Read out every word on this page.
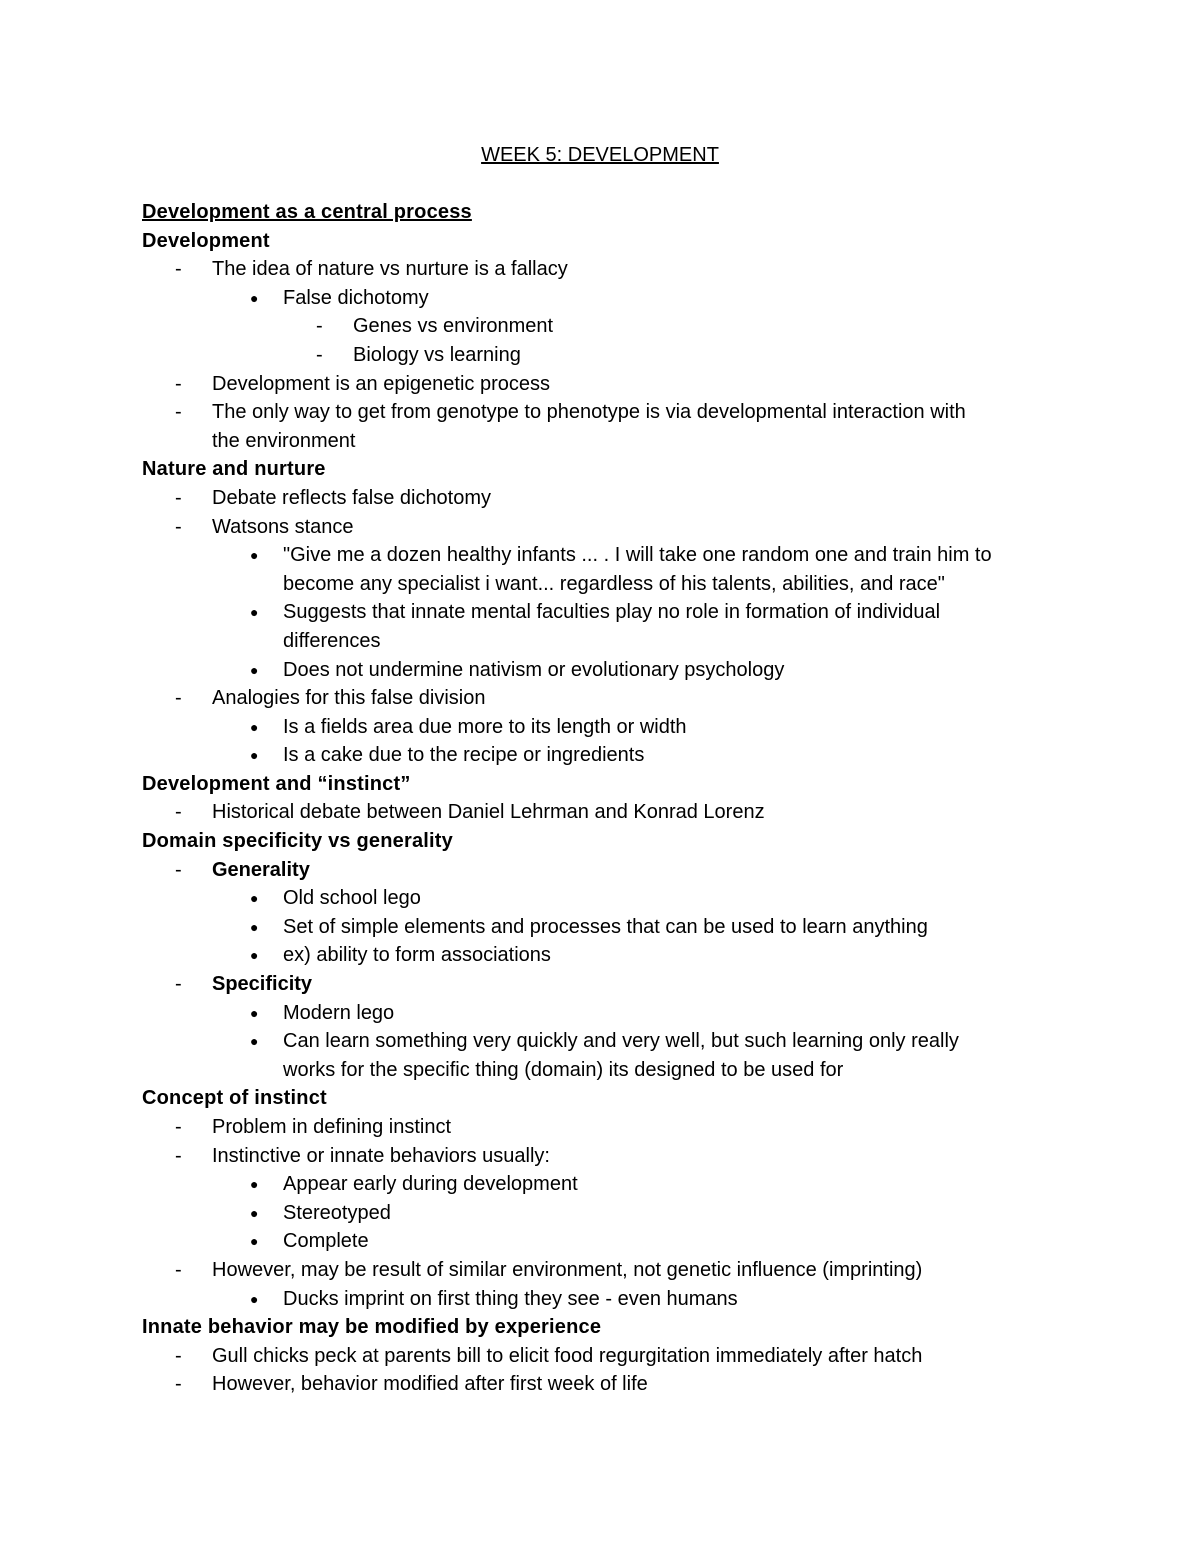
WEEK 5: DEVELOPMENT
Development as a central process
Development
- The idea of nature vs nurture is a fallacy
● False dichotomy
- Genes vs environment
- Biology vs learning
- Development is an epigenetic process
- The only way to get from genotype to phenotype is via developmental interaction with
the environment
Nature and nurture
- Debate reflects false dichotomy
- Watsons stance
● "Give me a dozen healthy infants ... . I will take one random one and train him to
become any specialist i want... regardless of his talents, abilities, and race"
● Suggests that innate mental faculties play no role in formation of individual
differences
● Does not undermine nativism or evolutionary psychology
- Analogies for this false division
● Is a fields area due more to its length or width
● Is a cake due to the recipe or ingredients
Development and “instinct”
- Historical debate between Daniel Lehrman and Konrad Lorenz
Domain specificity vs generality
- Generality
● Old school lego
● Set of simple elements and processes that can be used to learn anything
● ex) ability to form associations
- Specificity
● Modern lego
● Can learn something very quickly and very well, but such learning only really
works for the specific thing (domain) its designed to be used for
Concept of instinct
- Problem in defining instinct
- Instinctive or innate behaviors usually:
● Appear early during development
● Stereotyped
● Complete
- However, may be result of similar environment, not genetic influence (imprinting)
● Ducks imprint on first thing they see - even humans
Innate behavior may be modified by experience
- Gull chicks peck at parents bill to elicit food regurgitation immediately after hatch
- However, behavior modified after first week of life
